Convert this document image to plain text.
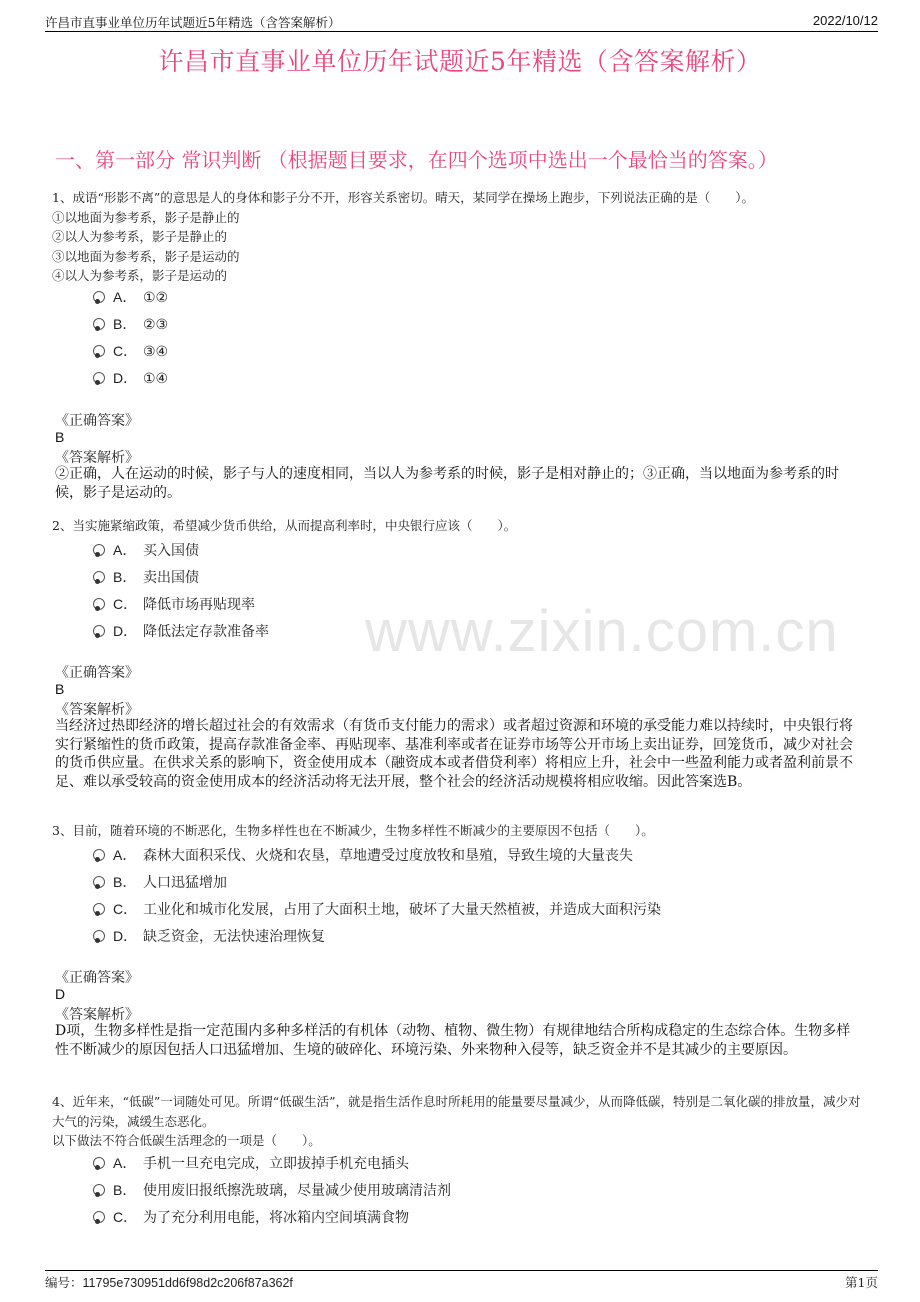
许昌市直事业单位历年试题近5年精选（含答案解析）	2022/10/12
许昌市直事业单位历年试题近5年精选（含答案解析）
一、第一部分 常识判断 （根据题目要求，在四个选项中选出一个最恰当的答案。）
www.zixin.com.cn
1、成语“形影不离”的意思是人的身体和影子分不开，形容关系密切。晴天，某同学在操场上跑步，下列说法正确的是（　　）。
①以地面为参考系，影子是静止的
②以人为参考系，影子是静止的
③以地面为参考系，影子是运动的
④以人为参考系，影子是运动的
A． ①②
B． ②③
C． ③④
D． ①④
《正确答案》
B
《答案解析》
②正确，人在运动的时候，影子与人的速度相同，当以人为参考系的时候，影子是相对静止的；③正确，当以地面为参考系的时候，影子是运动的。
2、当实施紧缩政策，希望减少货币供给，从而提高利率时，中央银行应该（　　）。
A． 买入国债
B． 卖出国债
C． 降低市场再贴现率
D． 降低法定存款准备率
《正确答案》
B
《答案解析》
当经济过热即经济的增长超过社会的有效需求（有货币支付能力的需求）或者超过资源和环境的承受能力难以持续时，中央银行将实行紧缩性的货币政策，提高存款准备金率、再贴现率、基准利率或者在证券市场等公开市场上卖出证券，回笼货币，减少对社会的货币供应量。在供求关系的影响下，资金使用成本（融资成本或者借贷利率）将相应上升，社会中一些盈利能力或者盈利前景不足、难以承受较高的资金使用成本的经济活动将无法开展，整个社会的经济活动规模将相应收缩。因此答案选B。
3、目前，随着环境的不断恶化，生物多样性也在不断减少，生物多样性不断减少的主要原因不包括（　　）。
A． 森林大面积采伐、火烧和农垦，草地遭受过度放牧和垦殖，导致生境的大量丧失
B． 人口迅猛增加
C． 工业化和城市化发展，占用了大面积土地，破坏了大量天然植被，并造成大面积污染
D． 缺乏资金，无法快速治理恢复
《正确答案》
D
《答案解析》
D项，生物多样性是指一定范围内多种多样活的有机体（动物、植物、微生物）有规律地结合所构成稳定的生态综合体。生物多样性不断减少的原因包括人口迅猛增加、生境的破碎化、环境污染、外来物种入侵等，缺乏资金并不是其减少的主要原因。
4、近年来，“低碳”一词随处可见。所谓“低碳生活”，就是指生活作息时所耗用的能量要尽量减少，从而降低碳，特别是二氧化碳的排放量，减少对大气的污染，减缓生态恶化。
以下做法不符合低碳生活理念的一项是（　　）。
A． 手机一旦充电完成，立即拔掉手机充电插头
B． 使用废旧报纸擦洗玻璃，尽量减少使用玻璃清洁剂
C． 为了充分利用电能，将冰箱内空间填满食物
编号：11795e730951dd6f98d2c206f87a362f	第1页
